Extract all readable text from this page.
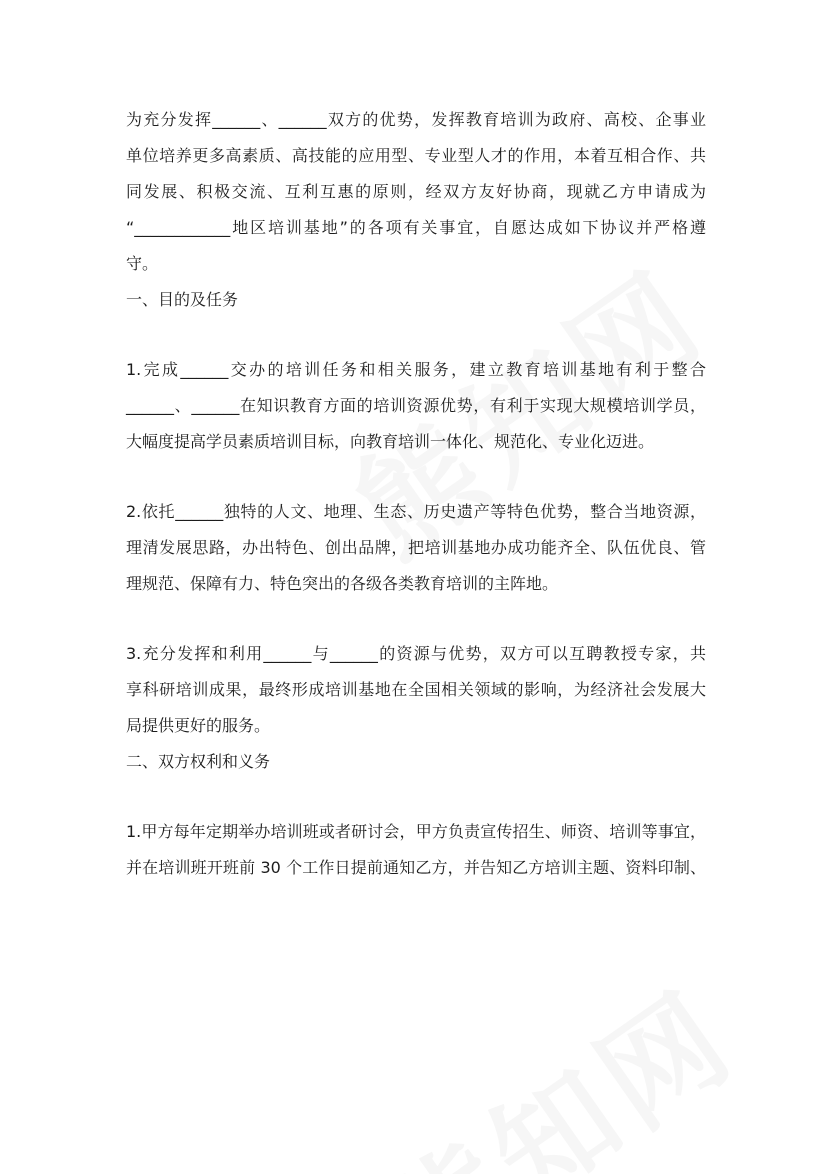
为充分发挥______、______双方的优势，发挥教育培训为政府、高校、企事业
单位培养更多高素质、高技能的应用型、专业型人才的作用，本着互相合作、共
同发展、积极交流、互利互惠的原则，经双方友好协商，现就乙方申请成为
“____________地区培训基地”的各项有关事宜，自愿达成如下协议并严格遵
守。

一、目的及任务

1.完成______交办的培训任务和相关服务，建立教育培训基地有利于整合
______、______在知识教育方面的培训资源优势，有利于实现大规模培训学员，
大幅度提高学员素质培训目标，向教育培训一体化、规范化、专业化迈进。

2.依托______独特的人文、地理、生态、历史遗产等特色优势，整合当地资源，
理清发展思路，办出特色、创出品牌，把培训基地办成功能齐全、队伍优良、管
理规范、保障有力、特色突出的各级各类教育培训的主阵地。

3.充分发挥和利用______与______的资源与优势，双方可以互聘教授专家，共
享科研培训成果，最终形成培训基地在全国相关领域的影响，为经济社会发展大
局提供更好的服务。

二、双方权利和义务

1.甲方每年定期举办培训班或者研讨会，甲方负责宣传招生、师资、培训等事宜，
并在培训班开班前 30 个工作日提前通知乙方，并告知乙方培训主题、资料印制、
